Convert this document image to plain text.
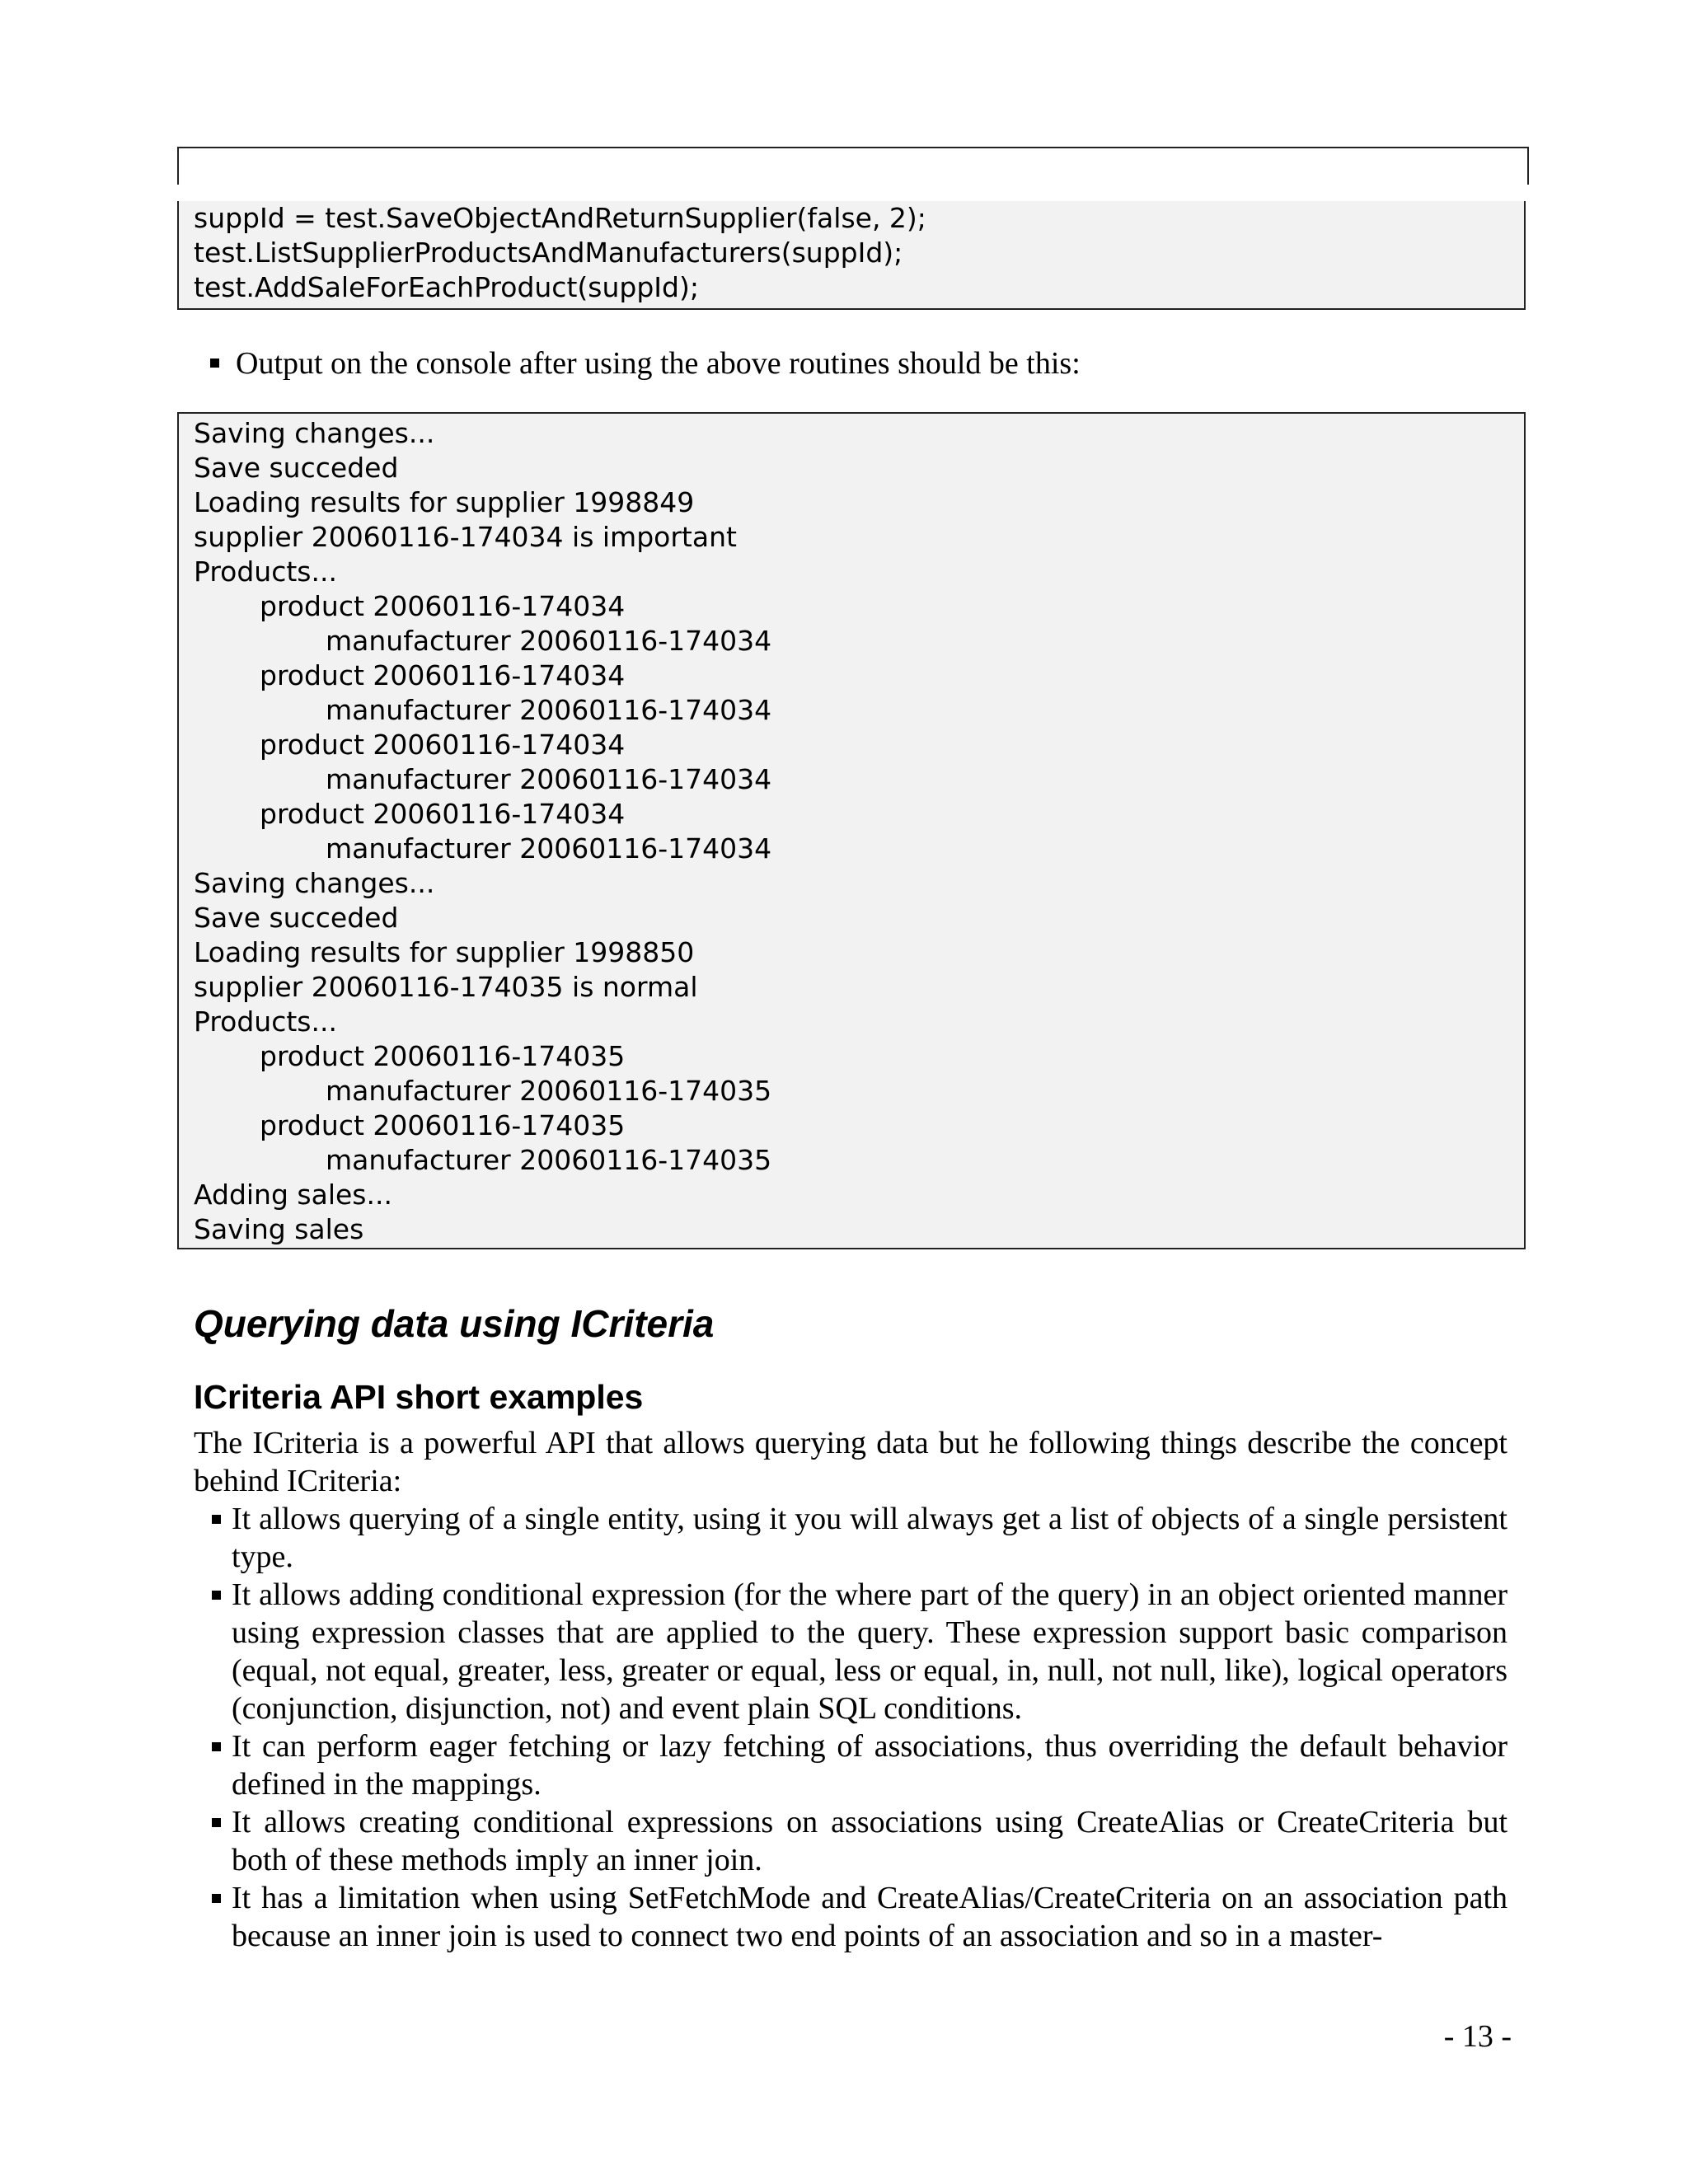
suppId = test.SaveObjectAndReturnSupplier(false, 2);
test.ListSupplierProductsAndManufacturers(suppId);
test.AddSaleForEachProduct(suppId);
Output on the console after using the above routines should be this:
Saving changes...
Save succeded
Loading results for supplier 1998849
supplier 20060116-174034 is important
Products...
product 20060116-174034
manufacturer 20060116-174034
product 20060116-174034
manufacturer 20060116-174034
product 20060116-174034
manufacturer 20060116-174034
product 20060116-174034
manufacturer 20060116-174034
Saving changes...
Save succeded
Loading results for supplier 1998850
supplier 20060116-174035 is normal
Products...
product 20060116-174035
manufacturer 20060116-174035
product 20060116-174035
manufacturer 20060116-174035
Adding sales...
Saving sales
Querying data using ICriteria
ICriteria API short examples

The ICriteria is a powerful API that allows querying data but he following things describe the concept behind ICriteria:

It allows querying of a single entity, using it you will always get a list of objects of a single persistent type.
It allows adding conditional expression (for the where part of the query) in an object oriented manner using expression classes that are applied to the query. These expression support basic comparison (equal, not equal, greater, less, greater or equal, less or equal, in, null, not null, like), logical operators (conjunction, disjunction, not) and event plain SQL conditions.
It can perform eager fetching or lazy fetching of associations, thus overriding the default behavior defined in the mappings.
It allows creating conditional expressions on associations using CreateAlias or CreateCriteria but both of these methods imply an inner join.
It has a limitation when using SetFetchMode and CreateAlias/CreateCriteria on an association path because an inner join is used to connect two end points of an association and so in a master-
- 13 -
